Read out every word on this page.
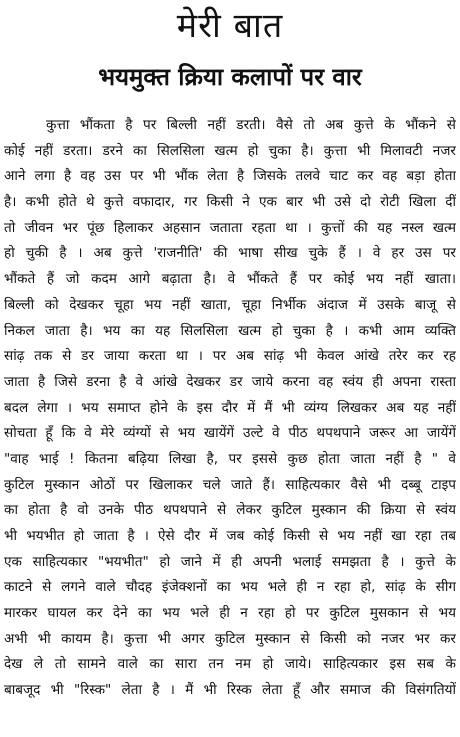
मेरी बात
भयमुक्त क्रिया कलापों पर वार
कुत्ता भौंकता है पर बिल्ली नहीं डरती। वैसे तो अब कुत्ते के भौंकने से
कोई नहीं डरता। डरने का सिलसिला खत्म हो चुका है। कुत्ता भी मिलावटी नजर
आने लगा है वह उस पर भी भौंक लेता है जिसके तलवे चाट कर वह बड़ा होता
है। कभी होते थे कुत्ते वफादार, गर किसी ने एक बार भी उसे दो रोटी खिला दीं
तो जीवन भर पूंछ हिलाकर अहसान जताता रहता था । कुत्तों की यह नस्ल खत्म
हो चुकी है । अब कुत्ते 'राजनीति' की भाषा सीख चुके हैं । वे हर उस पर
भौंकते हैं जो कदम आगे बढ़ाता है। वे भौंकते हैं पर कोई भय नहीं खाता।
बिल्ली को देखकर चूहा भय नहीं खाता, चूहा निर्भीक अंदाज में उसके बाजू से
निकल जाता है। भय का यह सिलसिला खत्म हो चुका है । कभी आम व्यक्ति
सांढ़ तक से डर जाया करता था । पर अब सांढ़ भी केवल आंखे तरेर कर रह
जाता है जिसे डरना है वे आंखे देखकर डर जाये करना वह स्वंय ही अपना रास्ता
बदल लेगा । भय समाप्त होने के इस दौर में मैं भी व्यंग्य लिखकर अब यह नहीं
सोचता हूँ कि वे मेरे व्यंग्यों से भय खायेंगें उल्टे वे पीठ थपथपाने जरूर आ जायेंगें
"वाह भाई ! कितना बढ़िया लिखा है, पर इससे कुछ होता जाता नहीं है " वे
कुटिल मुस्कान ओठों पर खिलाकर चले जाते हैं। साहित्यकार वैसे भी दब्बू टाइप
का होता है वो उनके पीठ थपथपाने से लेकर कुटिल मुस्कान की क्रिया से स्वंय
भी भयभीत हो जाता है । ऐसे दौर में जब कोई किसी से भय नहीं खा रहा तब
एक साहित्यकार "भयभीत" हो जाने में ही अपनी भलाई समझता है । कुत्ते के
काटने से लगने वाले चौदह इंजेक्शनों का भय भले ही न रहा हो, सांढ़ के सीग
मारकर घायल कर देने का भय भले ही न रहा हो पर कुटिल मुसकान से भय
अभी भी कायम है। कुत्ता भी अगर कुटिल मुस्कान से किसी को नजर भर कर
देख ले तो सामने वाले का सारा तन नम हो जाये। साहित्यकार इस सब के
बाबजूद भी "रिस्क" लेता है । मैं भी रिस्क लेता हूँ और समाज की विसंगतियों
